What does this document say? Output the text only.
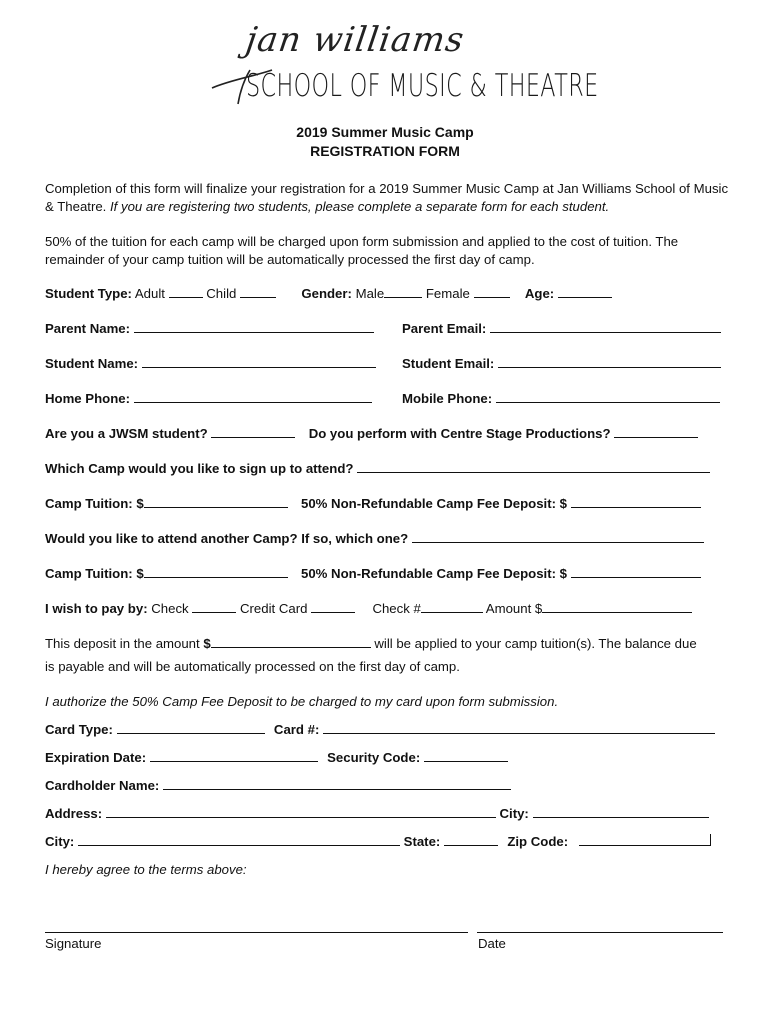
jan williams
SCHOOL OF MUSIC & THEATRE
2019 Summer Music Camp
REGISTRATION FORM
Completion of this form will finalize your registration for a 2019 Summer Music Camp at Jan Williams School of Music & Theatre. If you are registering two students, please complete a separate form for each student.
50% of the tuition for each camp will be charged upon form submission and applied to the cost of tuition. The remainder of your camp tuition will be automatically processed the first day of camp.
Student Type: Adult	Child	Gender: Male	Female	Age:
Parent Name:	Parent Email:
Student Name:	Student Email:
Home Phone:	Mobile Phone:
Are you a JWSM student?	Do you perform with Centre Stage Productions?
Which Camp would you like to sign up to attend?
Camp Tuition: $	50% Non-Refundable Camp Fee Deposit: $
Would you like to attend another Camp? If so, which one?
Camp Tuition: $	50% Non-Refundable Camp Fee Deposit: $
I wish to pay by: Check	Credit Card	Check #	Amount $
This deposit in the amount $	will be applied to your camp tuition(s). The balance due
is payable and will be automatically processed on the first day of camp.
I authorize the 50% Camp Fee Deposit to be charged to my card upon form submission.
Card Type:	Card #:
Expiration Date:	Security Code:
Cardholder Name:
Address:	City:
City:	State:	Zip Code:
I hereby agree to the terms above:
Signature	Date
